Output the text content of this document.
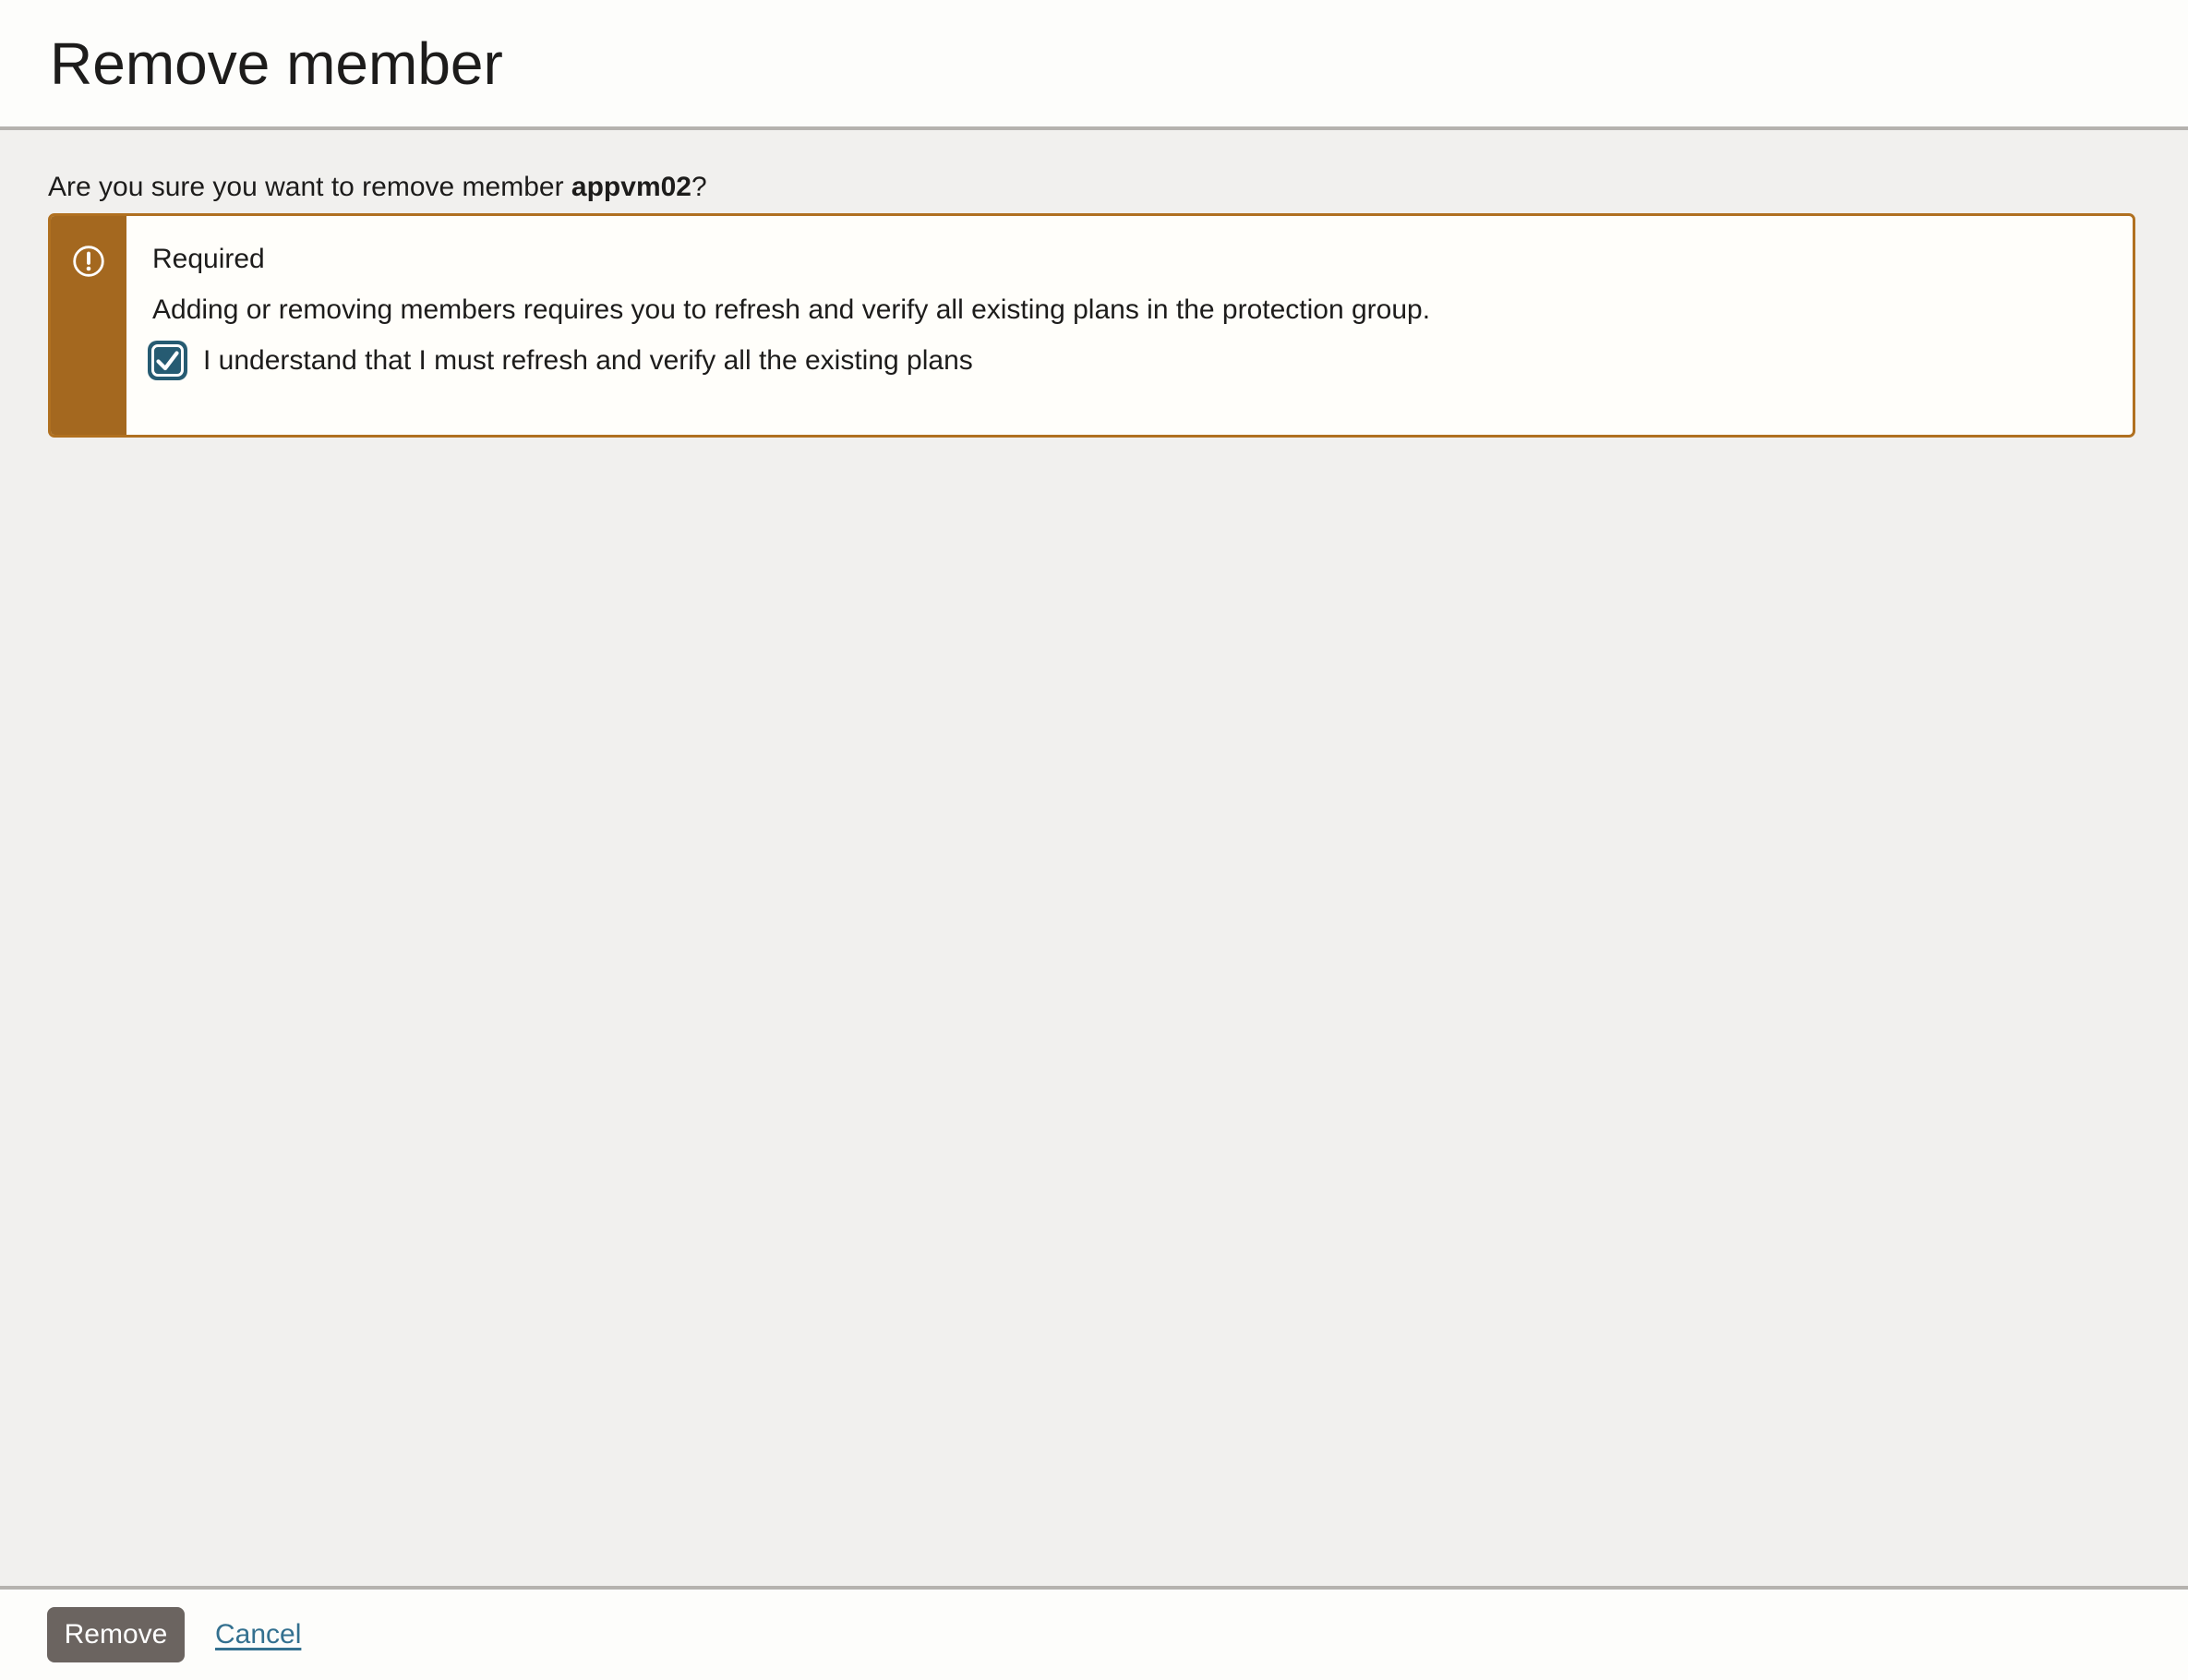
Remove member

Are you sure you want to remove member appvm02?

Required
Adding or removing members requires you to refresh and verify all existing plans in the protection group.
I understand that I must refresh and verify all the existing plans
Remove	Cancel
